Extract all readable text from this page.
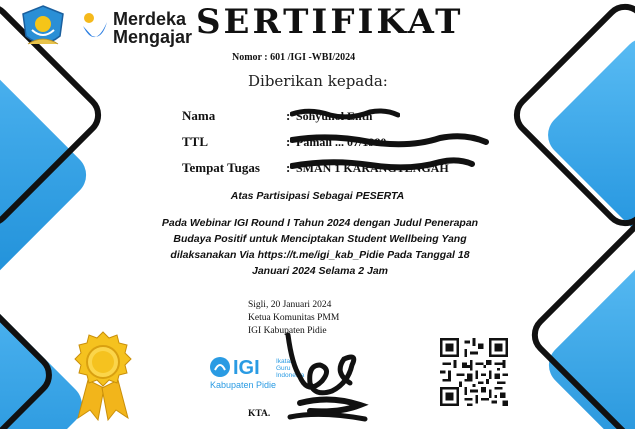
Merdeka
Mengajar SERTIFIKAT
Nomor : 601 /IGI -WBI/2024
Diberikan kepada:
Nama	: Sohyunol Enth
TTL	: Pamali ... 07/1980
Tempat Tugas : SMAN 1 KARANGTENGAH
Atas Partisipasi Sebagai PESERTA
Pada Webinar IGI Round I Tahun 2024 dengan Judul Penerapan
Budaya Positif untuk Menciptakan Student Wellbeing Yang
dilaksanakan Via https://t.me/igi_kab_Pidie Pada Tanggal 18
Januari 2024 Selama 2 Jam
Sigli, 20 Januari 2024
Ketua Komunitas PMM
IGI Kabupaten Pidie
KTA.
IGI	Ikatan
Guru
Indonesia
Kabupaten Pidie
